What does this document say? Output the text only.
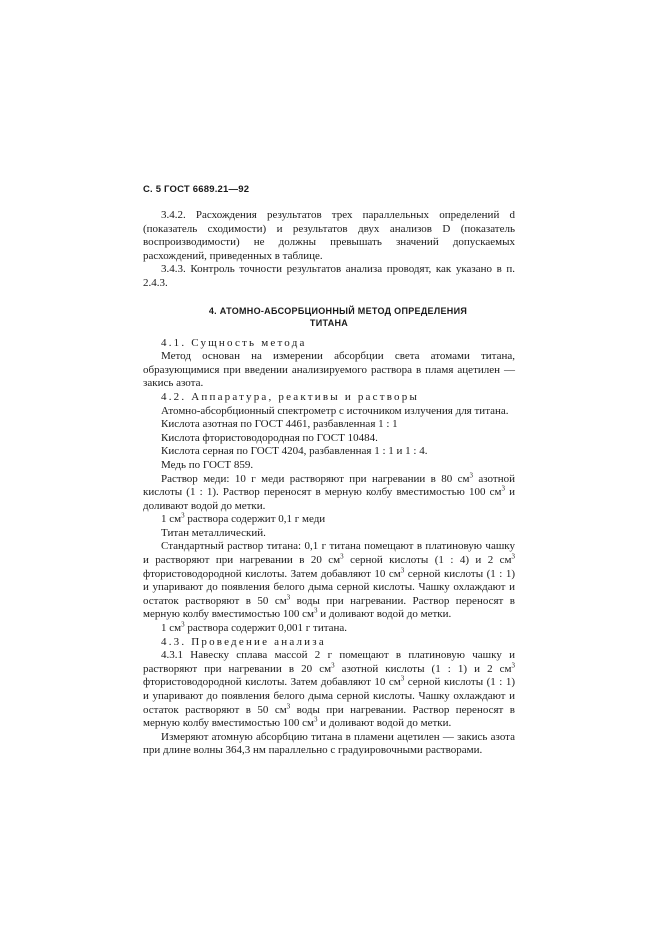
С. 5 ГОСТ 6689.21—92

3.4.2. Расхождения результатов трех параллельных определений d (показатель сходимости) и результатов двух анализов D (показатель воспроизводимости) не должны превышать значений допускаемых расхождений, приведенных в таблице.

3.4.3. Контроль точности результатов анализа проводят, как указано в п. 2.4.3.

4. АТОМНО-АБСОРБЦИОННЫЙ МЕТОД ОПРЕДЕЛЕНИЯ
ТИТАНА

4.1. Сущность метода

Метод основан на измерении абсорбции света атомами титана, образующимися при введении анализируемого раствора в пламя ацетилен — закись азота.

4.2. Аппаратура, реактивы и растворы

Атомно-абсорбционный спектрометр с источником излучения для титана.

Кислота азотная по ГОСТ 4461, разбавленная 1 : 1

Кислота фтористоводородная по ГОСТ 10484.

Кислота серная по ГОСТ 4204, разбавленная 1 : 1 и 1 : 4.

Медь по ГОСТ 859.

Раствор меди: 10 г меди растворяют при нагревании в 80 $см^3$ азотной кислоты (1 : 1). Раствор переносят в мерную колбу вместимостью 100 $см^3$ и доливают водой до метки.

1 $см^3$ раствора содержит 0,1 г меди

Титан металлический.

Стандартный раствор титана: 0,1 г титана помещают в платиновую чашку и растворяют при нагревании в 20 $см^3$ серной кислоты (1 : 4) и 2 $см^3$ фтористоводородной кислоты. Затем добавляют 10 $см^3$ серной кислоты (1 : 1) и упаривают до появления белого дыма серной кислоты. Чашку охлаждают и остаток растворяют в 50 $см^3$ воды при нагревании. Раствор переносят в мерную колбу вместимостью 100 $см^3$ и доливают водой до метки.

1 $см^3$ раствора содержит 0,001 г титана.

4.3. Проведение анализа

4.3.1 Навеску сплава массой 2 г помещают в платиновую чашку и растворяют при нагревании в 20 $см^3$ азотной кислоты (1 : 1) и 2 $см^3$ фтористоводородной кислоты. Затем добавляют 10 $см^3$ серной кислоты (1 : 1) и упаривают до появления белого дыма серной кислоты. Чашку охлаждают и остаток растворяют в 50 $см^3$ воды при нагревании. Раствор переносят в мерную колбу вместимостью 100 $см^3$ и доливают водой до метки.

Измеряют атомную абсорбцию титана в пламени ацетилен — закись азота при длине волны 364,3 нм параллельно с градуировочными растворами.
